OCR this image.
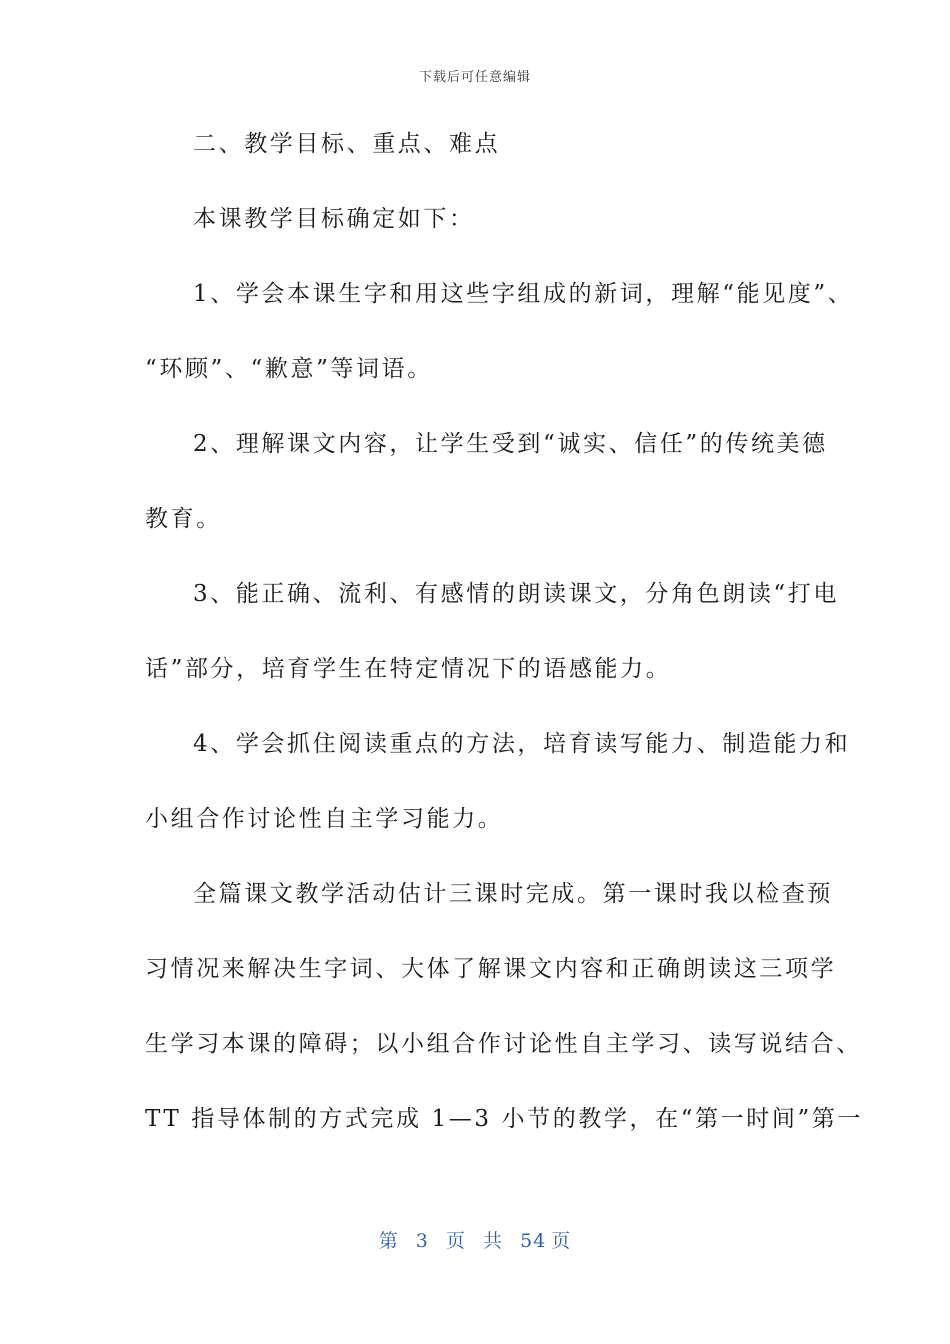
下载后可任意编辑
二、教学目标、重点、难点
本课教学目标确定如下：
1、学会本课生字和用这些字组成的新词，理解“能见度”、
“环顾”、“歉意”等词语。
2、理解课文内容，让学生受到“诚实、信任”的传统美德
教育。
3、能正确、流利、有感情的朗读课文，分角色朗读“打电
话”部分，培育学生在特定情况下的语感能力。
4、学会抓住阅读重点的方法，培育读写能力、制造能力和
小组合作讨论性自主学习能力。
全篇课文教学活动估计三课时完成。第一课时我以检查预
习情况来解决生字词、大体了解课文内容和正确朗读这三项学
生学习本课的障碍；以小组合作讨论性自主学习、读写说结合、
TT 指导体制的方式完成 1—3 小节的教学，在“第一时间”第一
第 3 页 共 54 页
